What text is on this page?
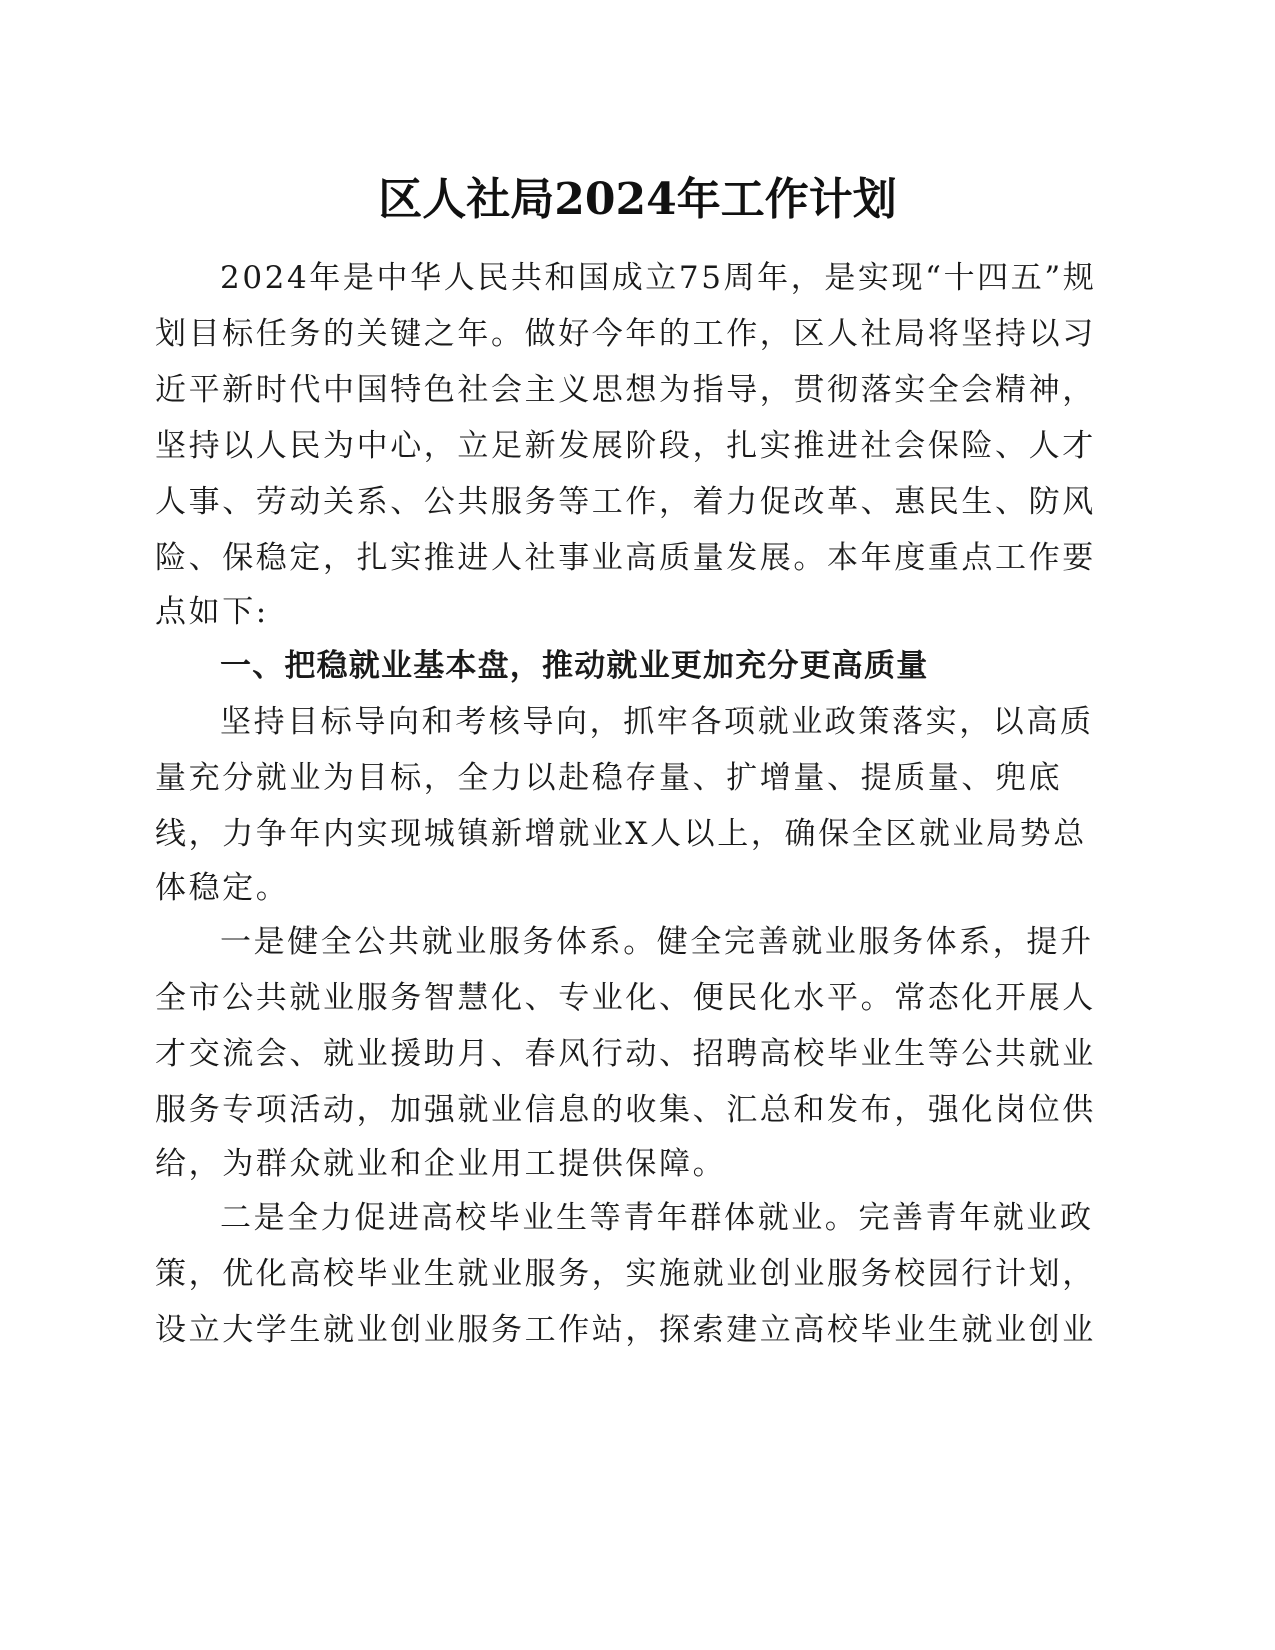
区人社局2024年工作计划

2024年是中华人民共和国成立75周年，是实现“十四五”规

划目标任务的关键之年。做好今年的工作，区人社局将坚持以习

近平新时代中国特色社会主义思想为指导，贯彻落实全会精神，

坚持以人民为中心，立足新发展阶段，扎实推进社会保险、人才

人事、劳动关系、公共服务等工作，着力促改革、惠民生、防风

险、保稳定，扎实推进人社事业高质量发展。本年度重点工作要

点如下:

一、把稳就业基本盘，推动就业更加充分更高质量

坚持目标导向和考核导向，抓牢各项就业政策落实，以高质

量充分就业为目标，全力以赴稳存量、扩增量、提质量、兜底

线，力争年内实现城镇新增就业X人以上，确保全区就业局势总

体稳定。

一是健全公共就业服务体系。健全完善就业服务体系，提升

全市公共就业服务智慧化、专业化、便民化水平。常态化开展人

才交流会、就业援助月、春风行动、招聘高校毕业生等公共就业

服务专项活动，加强就业信息的收集、汇总和发布，强化岗位供

给，为群众就业和企业用工提供保障。

二是全力促进高校毕业生等青年群体就业。完善青年就业政

策，优化高校毕业生就业服务，实施就业创业服务校园行计划，

设立大学生就业创业服务工作站，探索建立高校毕业生就业创业
